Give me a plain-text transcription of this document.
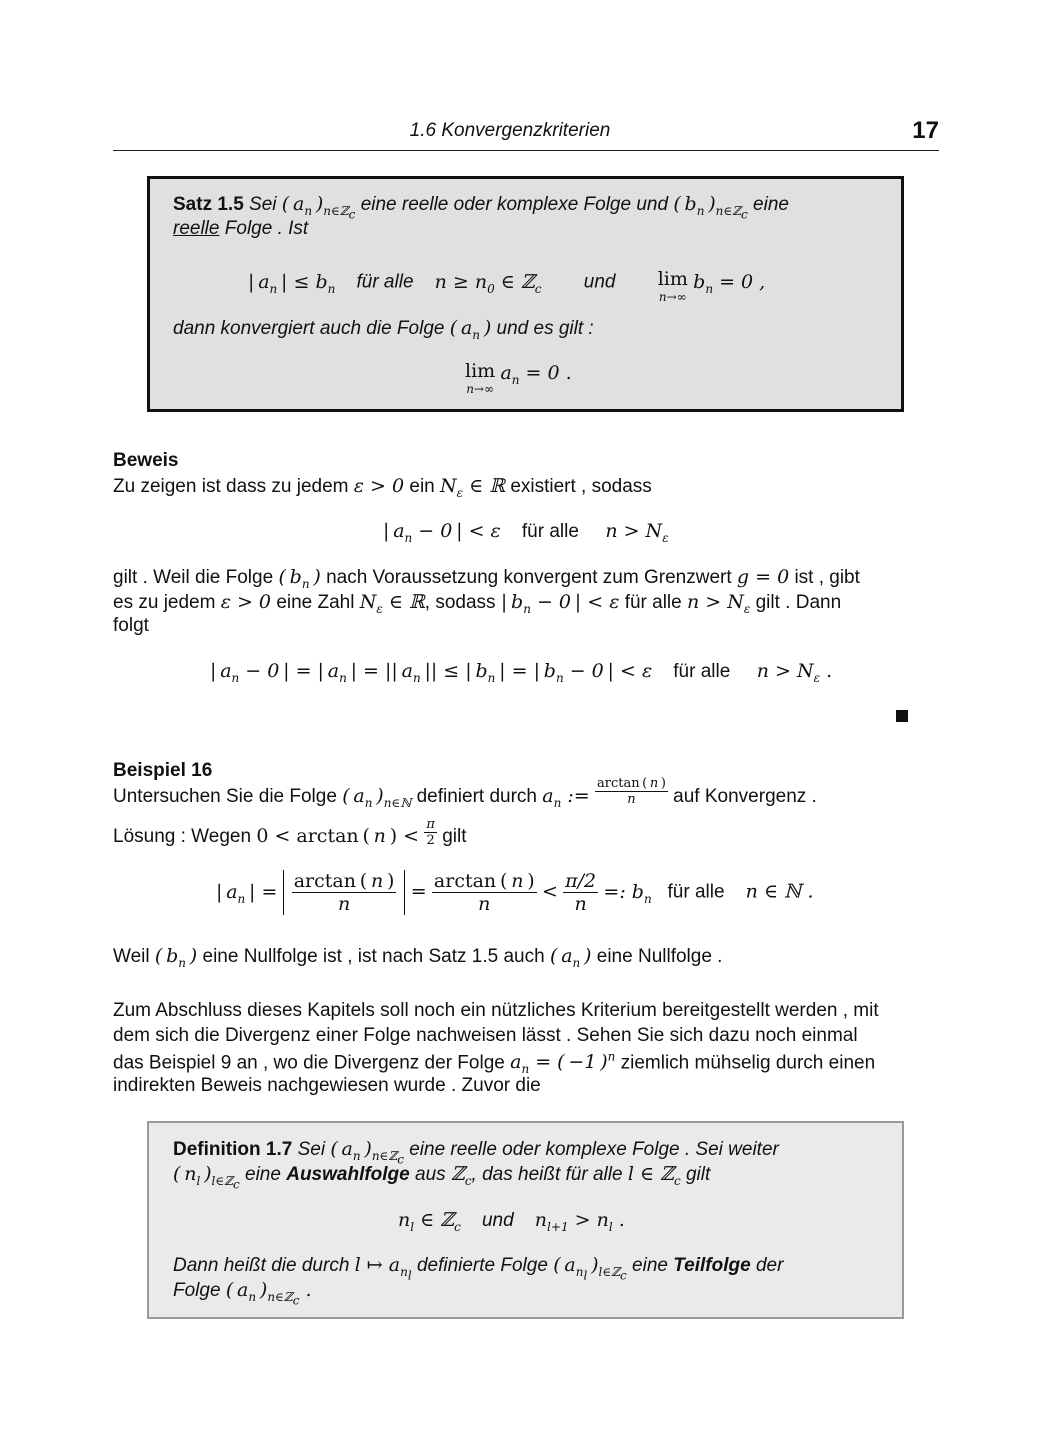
1.6 Konvergenzkriterien	17
Satz 1.5 Sei ( $a_n$ )$_{n\in ℤ_c}$ eine reelle oder komplexe Folge und ( $b_n$ )$_{n\in ℤ_c}$ eine
reelle Folge . Ist
| $a_n$ | ≤ $b_n$ für alle $n \ge n_0$ ∈ ℤ$_c$ und lim
n→∞
$b_n = 0$ ,
dann konvergiert auch die Folge ( $a_n$ ) und es gilt :
lim
n→∞
$a_n = 0$ .
Beweis
Zu zeigen ist dass zu jedem ε > 0 ein $N_\varepsilon$ ∈ ℝ existiert , sodass
| $a_n - 0$ | < ε für alle $n > N_\varepsilon$
gilt . Weil die Folge ( $b_n$ ) nach Voraussetzung konvergent zum Grenzwert g = 0 ist , gibt
es zu jedem ε > 0 eine Zahl $N_\varepsilon$ ∈ ℝ, sodass | $b_n - 0$ | < ε für alle $n > N_\varepsilon$ gilt . Dann
folgt
| $a_n - 0$ | = | $a_n$ | = || $a_n$ || ≤ | $b_n$ | = | $b_n - 0$ | < ε für alle $n > N_\varepsilon$ .
Beispiel 16
Untersuchen Sie die Folge ( $a_n$ )$_{n\in ℕ}$ definiert durch $a_n$ := $\frac{\arctan ( n )}{n}$ auf Konvergenz .
Lösung : Wegen 0 < arctan ( n ) < $\frac{\pi}{2}$ gilt
| $a_n$ | = $\frac{\arctan ( n )}{n} = \frac{\arctan ( n )}{n} < \frac{\pi/2}{n}$ =: $b_n$ für alle n ∈ ℕ .
Weil ( $b_n$ ) eine Nullfolge ist , ist nach Satz 1.5 auch ( $a_n$ ) eine Nullfolge .
Zum Abschluss dieses Kapitels soll noch ein nützliches Kriterium bereitgestellt werden , mit
dem sich die Divergenz einer Folge nachweisen lässt . Sehen Sie sich dazu noch einmal
das Beispiel 9 an , wo die Divergenz der Folge $a_n$ = ( −1 )$^n$ ziemlich mühselig durch einen
indirekten Beweis nachgewiesen wurde . Zuvor die
Definition 1.7 Sei ( $a_n$ )$_{n\in ℤ_c}$ eine reelle oder komplexe Folge . Sei weiter
( $n_l$ )$_{l\in ℤ_c}$ eine Auswahlfolge aus ℤ$_c$, das heißt für alle l ∈ ℤ$_c$ gilt
$n_l$ ∈ ℤ$_c$ und $n_{l+1} > n_l$ .
Dann heißt die durch l ↦ $a_{n_l}$ definierte Folge ( $a_{n_l}$ )$_{l\in ℤ_c}$ eine Teilfolge der
Folge ( $a_n$ )$_{n\in ℤ_c}$ .
